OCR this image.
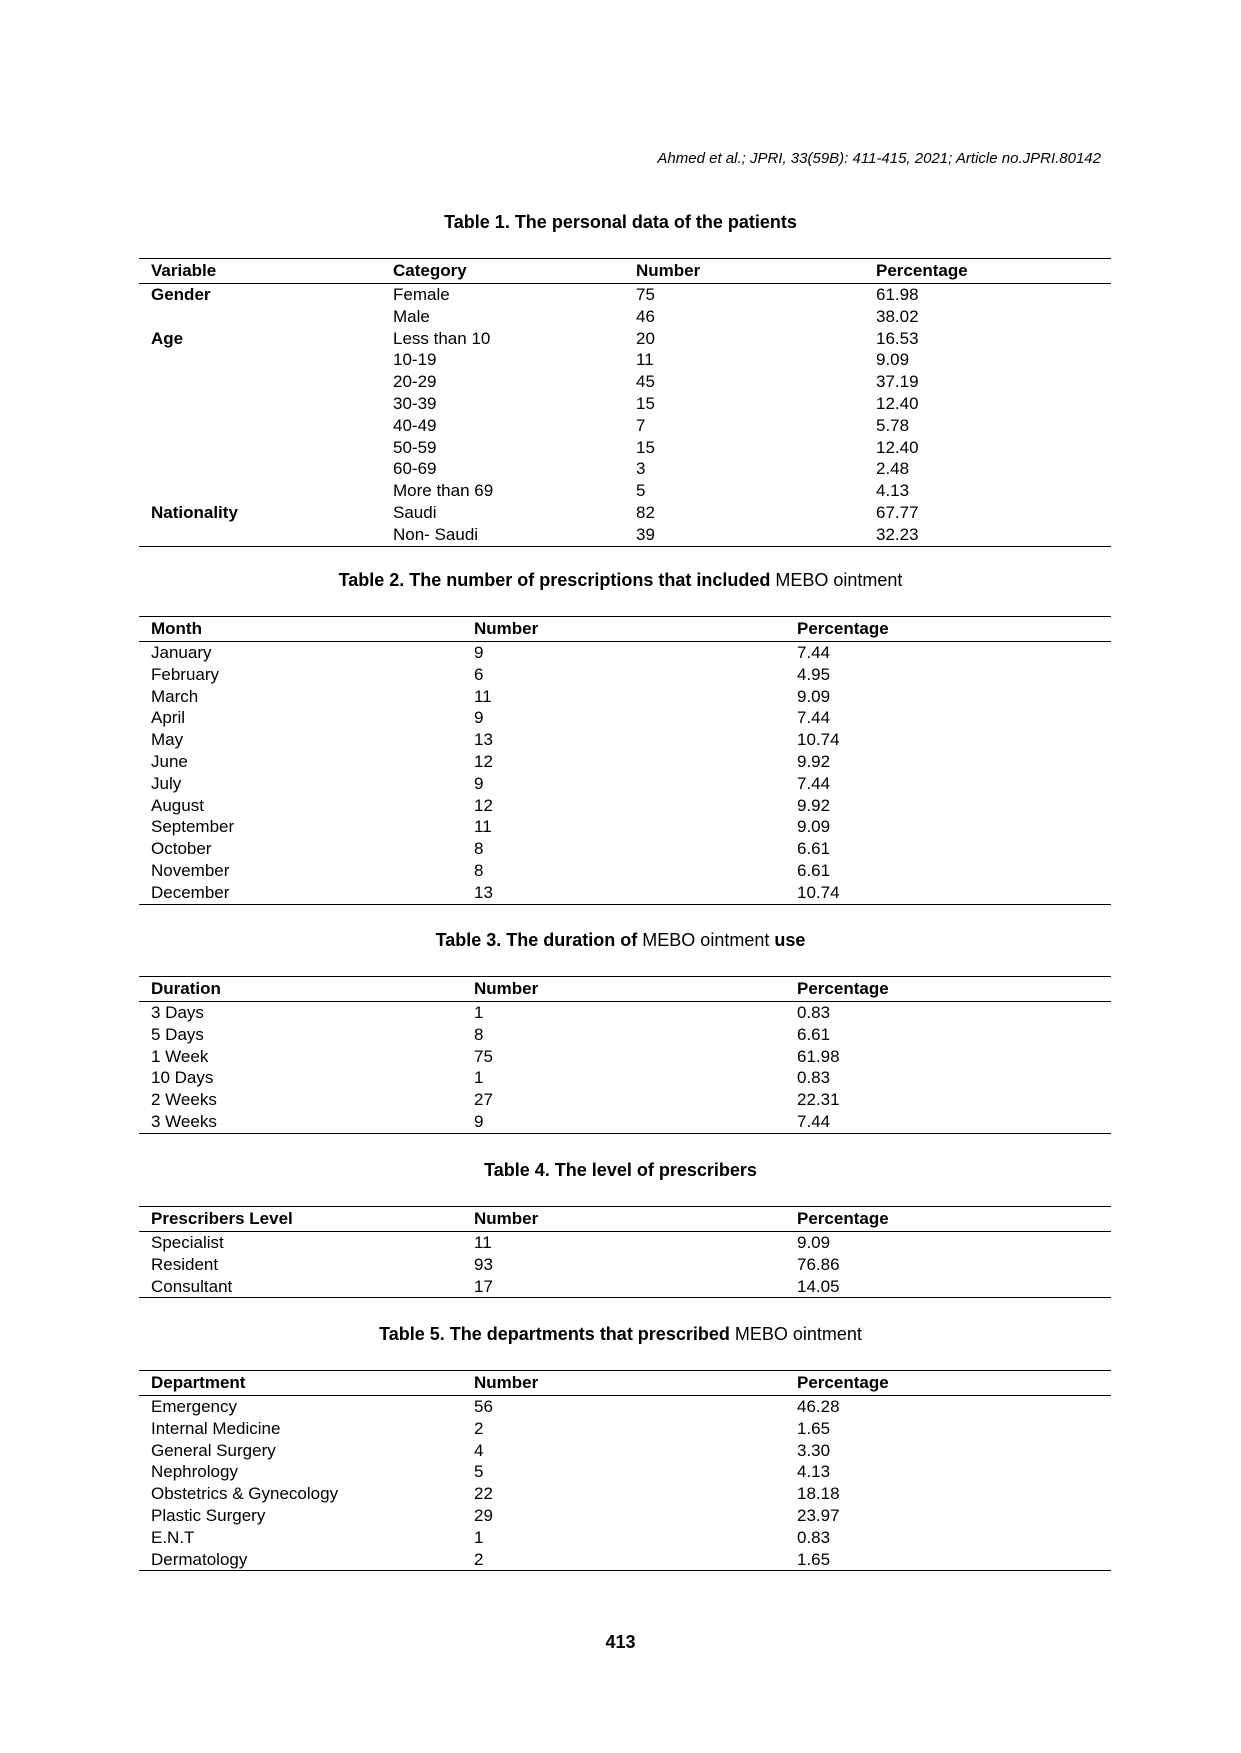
Ahmed et al.; JPRI, 33(59B): 411-415, 2021; Article no.JPRI.80142
Table 1. The personal data of the patients
Variable	Category	Number	Percentage
Gender	Female	75	61.98
	Male	46	38.02
Age	Less than 10	20	16.53
	10-19	11	9.09
	20-29	45	37.19
	30-39	15	12.40
	40-49	7	5.78
	50-59	15	12.40
	60-69	3	2.48
	More than 69	5	4.13
Nationality	Saudi	82	67.77
	Non- Saudi	39	32.23
Table 2. The number of prescriptions that included MEBO ointment
Month	Number	Percentage
January	9	7.44
February	6	4.95
March	11	9.09
April	9	7.44
May	13	10.74
June	12	9.92
July	9	7.44
August	12	9.92
September	11	9.09
October	8	6.61
November	8	6.61
December	13	10.74
Table 3. The duration of MEBO ointment use
Duration	Number	Percentage
3 Days	1	0.83
5 Days	8	6.61
1 Week	75	61.98
10 Days	1	0.83
2 Weeks	27	22.31
3 Weeks	9	7.44
Table 4. The level of prescribers
Prescribers Level	Number	Percentage
Specialist	11	9.09
Resident	93	76.86
Consultant	17	14.05
Table 5. The departments that prescribed MEBO ointment
Department	Number	Percentage
Emergency	56	46.28
Internal Medicine	2	1.65
General Surgery	4	3.30
Nephrology	5	4.13
Obstetrics & Gynecology	22	18.18
Plastic Surgery	29	23.97
E.N.T	1	0.83
Dermatology	2	1.65
413
